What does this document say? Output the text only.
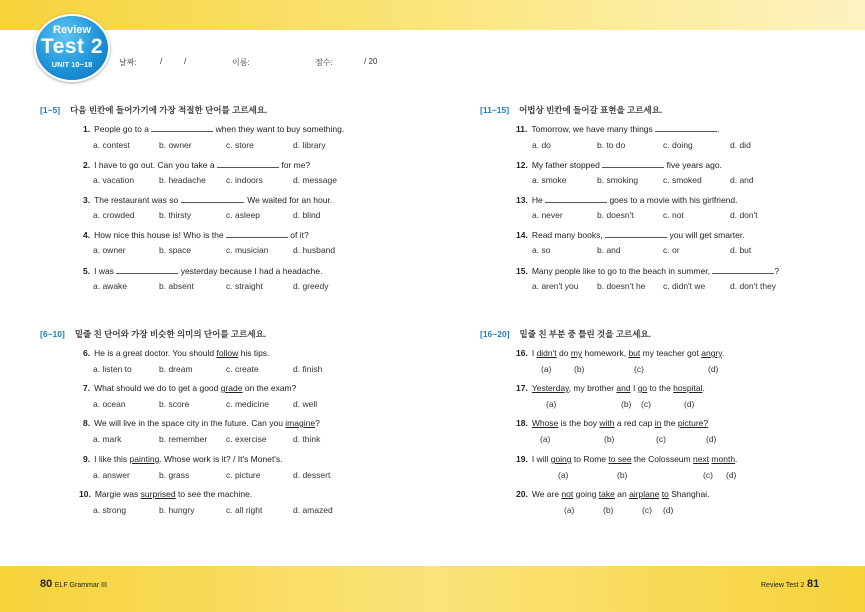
Review
Test 2
UNIT 10~18	날짜:	/	/	이름:	점수:	/ 20
[1~5] 다음 빈칸에 들어가기에 가장 적절한 단어를 고르세요.
[6~10] 밑줄 친 단어와 가장 비슷한 의미의 단어를 고르세요.
[11~15] 어법상 빈칸에 들어갈 표현을 고르세요.
[16~20] 밑줄 친 부분 중 틀린 것을 고르세요.
1. People go to a	when they want to buy something.
a. contest	b. owner	c. store	d. library
2. I have to go out. Can you take a	for me?
a. vacation	b. headache c. indoors	d. message
3. The restaurant was so	. We waited for an hour.
a. crowded	b. thirsty	c. asleep	d. blind
4. How nice this house is! Who is the	of it?
a. owner	b. space	c. musician	d. husband
5. I was	yesterday because I had a headache.
a. awake	b. absent	c. straight	d. greedy
6. He is a great doctor. You should follow his tips.
a. listen to	b. dream	c. create	d. finish
7. What should we do to get a good grade on the exam?
a. ocean	b. score	c. medicine	d. well
8. We will live in the space city in the future. Can you imagine?
a. mark	b. remember c. exercise	d. think
9. I like this painting. Whose work is it? / It's Monet's.
a. answer	b. grass	c. picture	d. dessert
10. Margie was surprised to see the machine.
a. strong	b. hungry	c. all right	d. amazed
11. Tomorrow, we have many things	.
a. do	b. to do	c. doing	d. did
12. My father stopped	five years ago.
a. smoke	b. smoking	c. smoked	d. and
13. He	goes to a movie with his girlfriend.
a. never	b. doesn't	c. not	d. don't
14. Read many books,	you will get smarter.
a. so	b. and	c. or	d. but
15. Many people like to go to the beach in summer,	?
a. aren't you b. doesn't he c. didn't we	d. don't they
16. I didn't do my homework, but my teacher got angry.
(a)	(b)	(c)	(d)
17. Yesterday, my brother and I go to the hospital.
(a)	(b) (c)	(d)
18. Whose is the boy with a red cap in the picture?
(a)	(b)	(c)	(d)
19. I will going to Rome to see the Colosseum next month.
(a)	(b)	(c) (d)
20. We are not going take an airplane to Shanghai.
(a)	(b)	(c) (d)
80 ELF Grammar III	Review Test 2 81
